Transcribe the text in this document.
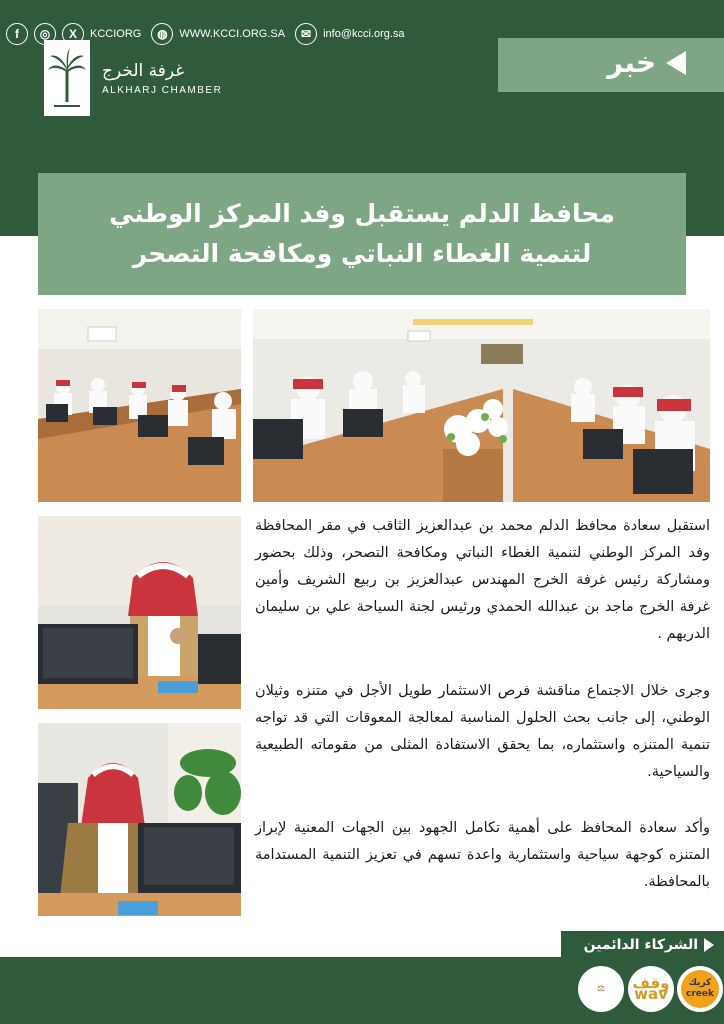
غرفة الخرج
ALKHARJ CHAMBER
خبر
محافظ الدلم يستقبل وفد المركز الوطني لتنمية الغطاء النباتي ومكافحة التصحر
استقبل سعادة محافظ الدلم محمد بن عبدالعزيز الثاقب في مقر المحافظة وفد المركز الوطني لتنمية الغطاء النباتي ومكافحة التصحر، وذلك بحضور ومشاركة رئيس غرفة الخرج المهندس عبدالعزيز بن ربيع الشريف وأمين غرفة الخرج ماجد بن عبدالله الحمدي ورئيس لجنة السياحة علي بن سليمان الدريهم .
وجرى خلال الاجتماع مناقشة فرص الاستثمار طويل الأجل في متنزه وثيلان الوطني، إلى جانب بحث الحلول المناسبة لمعالجة المعوقات التي قد تواجه تنمية المتنزه واستثماره، بما يحقق الاستفادة المثلى من مقوماته الطبيعية والسياحية.
وأكد سعادة المحافظ على أهمية تكامل الجهود بين الجهات المعنية لإبراز المتنزه كوجهة سياحية واستثمارية واعدة تسهم في تعزيز التنمية المستدامة بالمحافظة.
الشركاء الدائمين
f	◎	X	KCCIORG	◍	WWW.KCCI.ORG.SA	✉	info@kcci.org.sa
⚖ وقف wav
كريك creek
